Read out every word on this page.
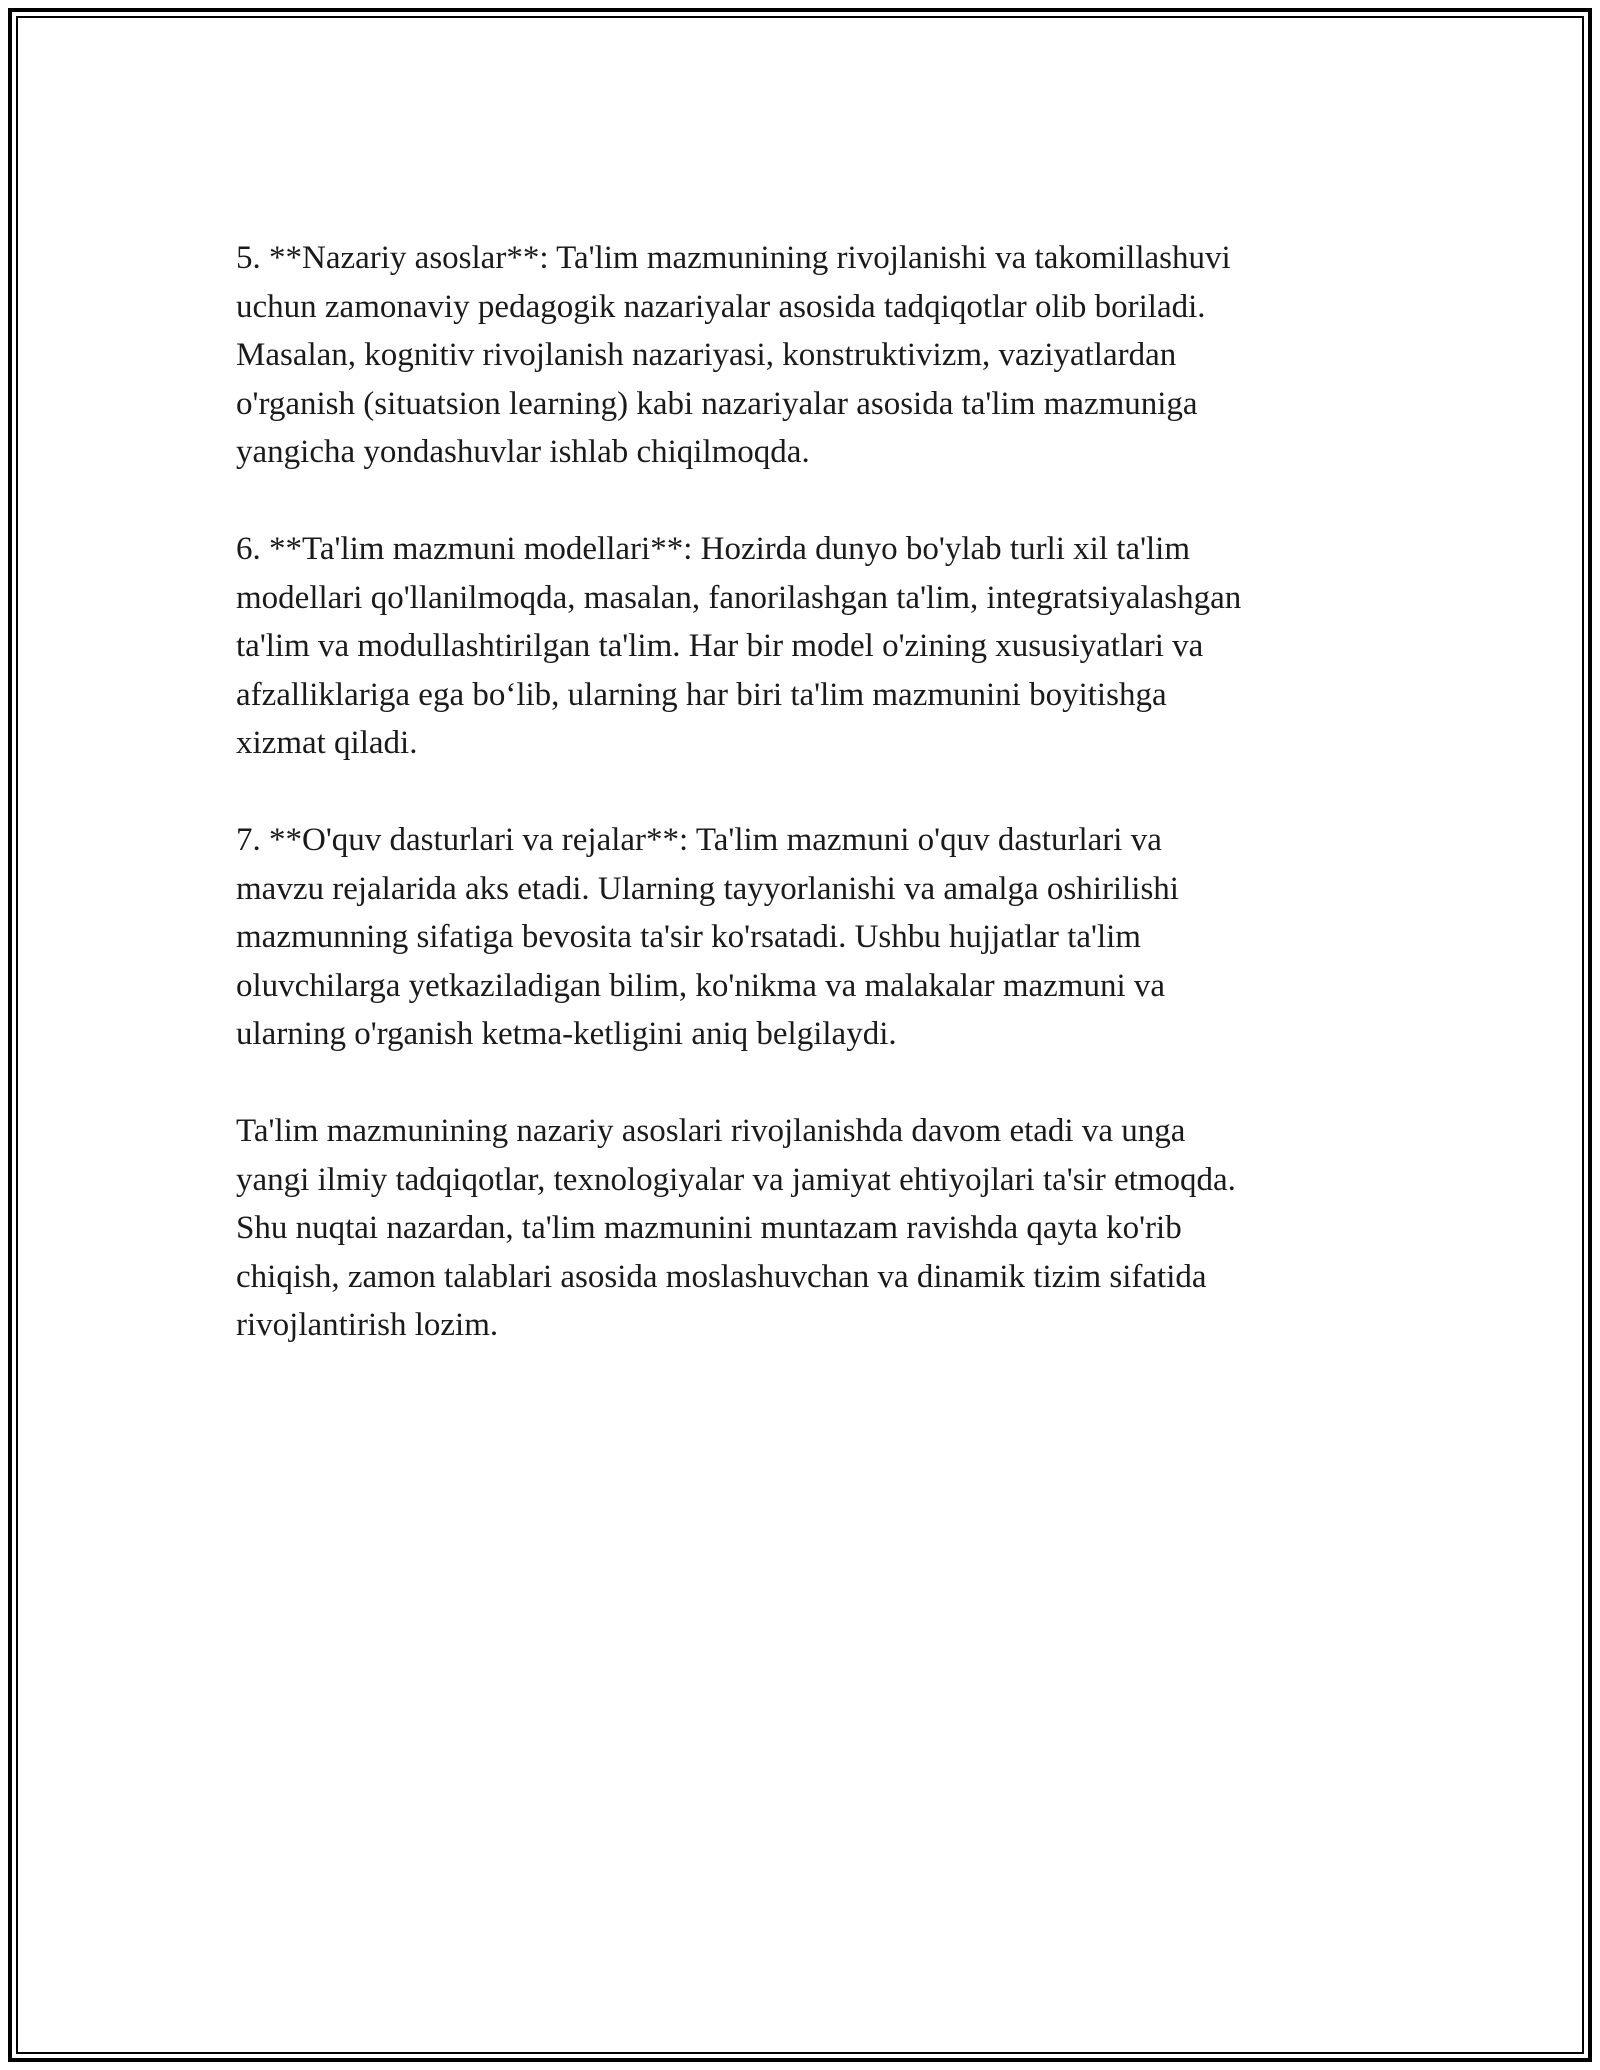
5. **Nazariy asoslar**: Ta'lim mazmunining rivojlanishi va takomillashuvi
uchun zamonaviy pedagogik nazariyalar asosida tadqiqotlar olib boriladi.
Masalan, kognitiv rivojlanish nazariyasi, konstruktivizm, vaziyatlardan
o'rganish (situatsion learning) kabi nazariyalar asosida ta'lim mazmuniga
yangicha yondashuvlar ishlab chiqilmoqda.

6. **Ta'lim mazmuni modellari**: Hozirda dunyo bo'ylab turli xil ta'lim
modellari qo'llanilmoqda, masalan, fanorilashgan ta'lim, integratsiyalashgan
ta'lim va modullashtirilgan ta'lim. Har bir model o'zining xususiyatlari va
afzalliklariga ega bo‘lib, ularning har biri ta'lim mazmunini boyitishga
xizmat qiladi.

7. **O'quv dasturlari va rejalar**: Ta'lim mazmuni o'quv dasturlari va
mavzu rejalarida aks etadi. Ularning tayyorlanishi va amalga oshirilishi
mazmunning sifatiga bevosita ta'sir ko'rsatadi. Ushbu hujjatlar ta'lim
oluvchilarga yetkaziladigan bilim, ko'nikma va malakalar mazmuni va
ularning o'rganish ketma-ketligini aniq belgilaydi.

Ta'lim mazmunining nazariy asoslari rivojlanishda davom etadi va unga
yangi ilmiy tadqiqotlar, texnologiyalar va jamiyat ehtiyojlari ta'sir etmoqda.
Shu nuqtai nazardan, ta'lim mazmunini muntazam ravishda qayta ko'rib
chiqish, zamon talablari asosida moslashuvchan va dinamik tizim sifatida
rivojlantirish lozim.
